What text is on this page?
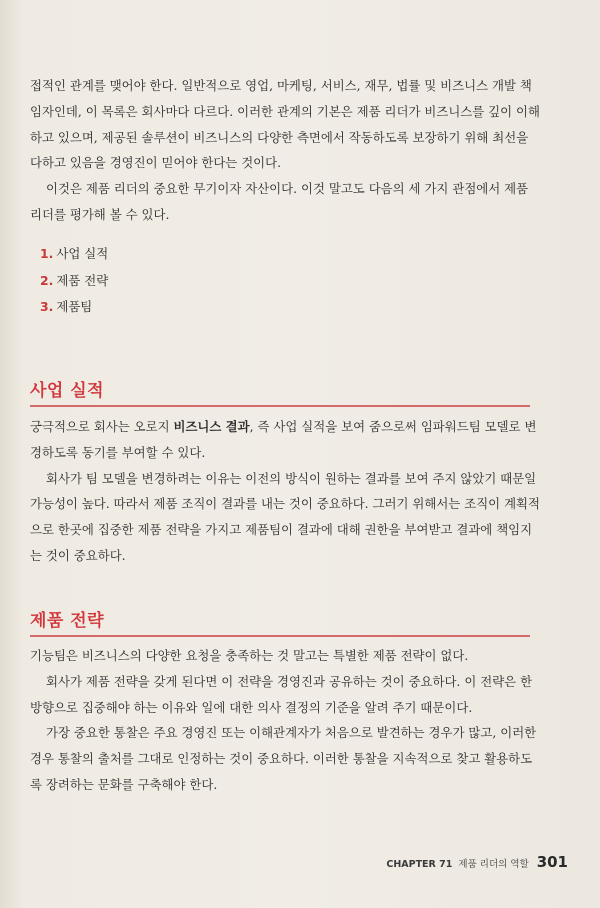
접적인 관계를 맺어야 한다. 일반적으로 영업, 마케팅, 서비스, 재무, 법률 및 비즈니스 개발 책임자인데, 이 목록은 회사마다 다르다. 이러한 관계의 기본은 제품 리더가 비즈니스를 깊이 이해하고 있으며, 제공된 솔루션이 비즈니스의 다양한 측면에서 작동하도록 보장하기 위해 최선을 다하고 있음을 경영진이 믿어야 한다는 것이다.

이것은 제품 리더의 중요한 무기이자 자산이다. 이것 말고도 다음의 세 가지 관점에서 제품 리더를 평가해 볼 수 있다.

1. 사업 실적
2. 제품 전략
3. 제품팀
사업 실적

궁극적으로 회사는 오로지 비즈니스 결과, 즉 사업 실적을 보여 줌으로써 임파워드팀 모델로 변경하도록 동기를 부여할 수 있다.

회사가 팀 모델을 변경하려는 이유는 이전의 방식이 원하는 결과를 보여 주지 않았기 때문일 가능성이 높다. 따라서 제품 조직이 결과를 내는 것이 중요하다. 그러기 위해서는 조직이 계획적으로 한곳에 집중한 제품 전략을 가지고 제품팀이 결과에 대해 권한을 부여받고 결과에 책임지는 것이 중요하다.

제품 전략

기능팀은 비즈니스의 다양한 요청을 충족하는 것 말고는 특별한 제품 전략이 없다.

회사가 제품 전략을 갖게 된다면 이 전략을 경영진과 공유하는 것이 중요하다. 이 전략은 한 방향으로 집중해야 하는 이유와 일에 대한 의사 결정의 기준을 알려 주기 때문이다.

가장 중요한 통찰은 주요 경영진 또는 이해관계자가 처음으로 발견하는 경우가 많고, 이러한 경우 통찰의 출처를 그대로 인정하는 것이 중요하다. 이러한 통찰을 지속적으로 찾고 활용하도록 장려하는 문화를 구축해야 한다.

CHAPTER 71 제품 리더의 역할 301
